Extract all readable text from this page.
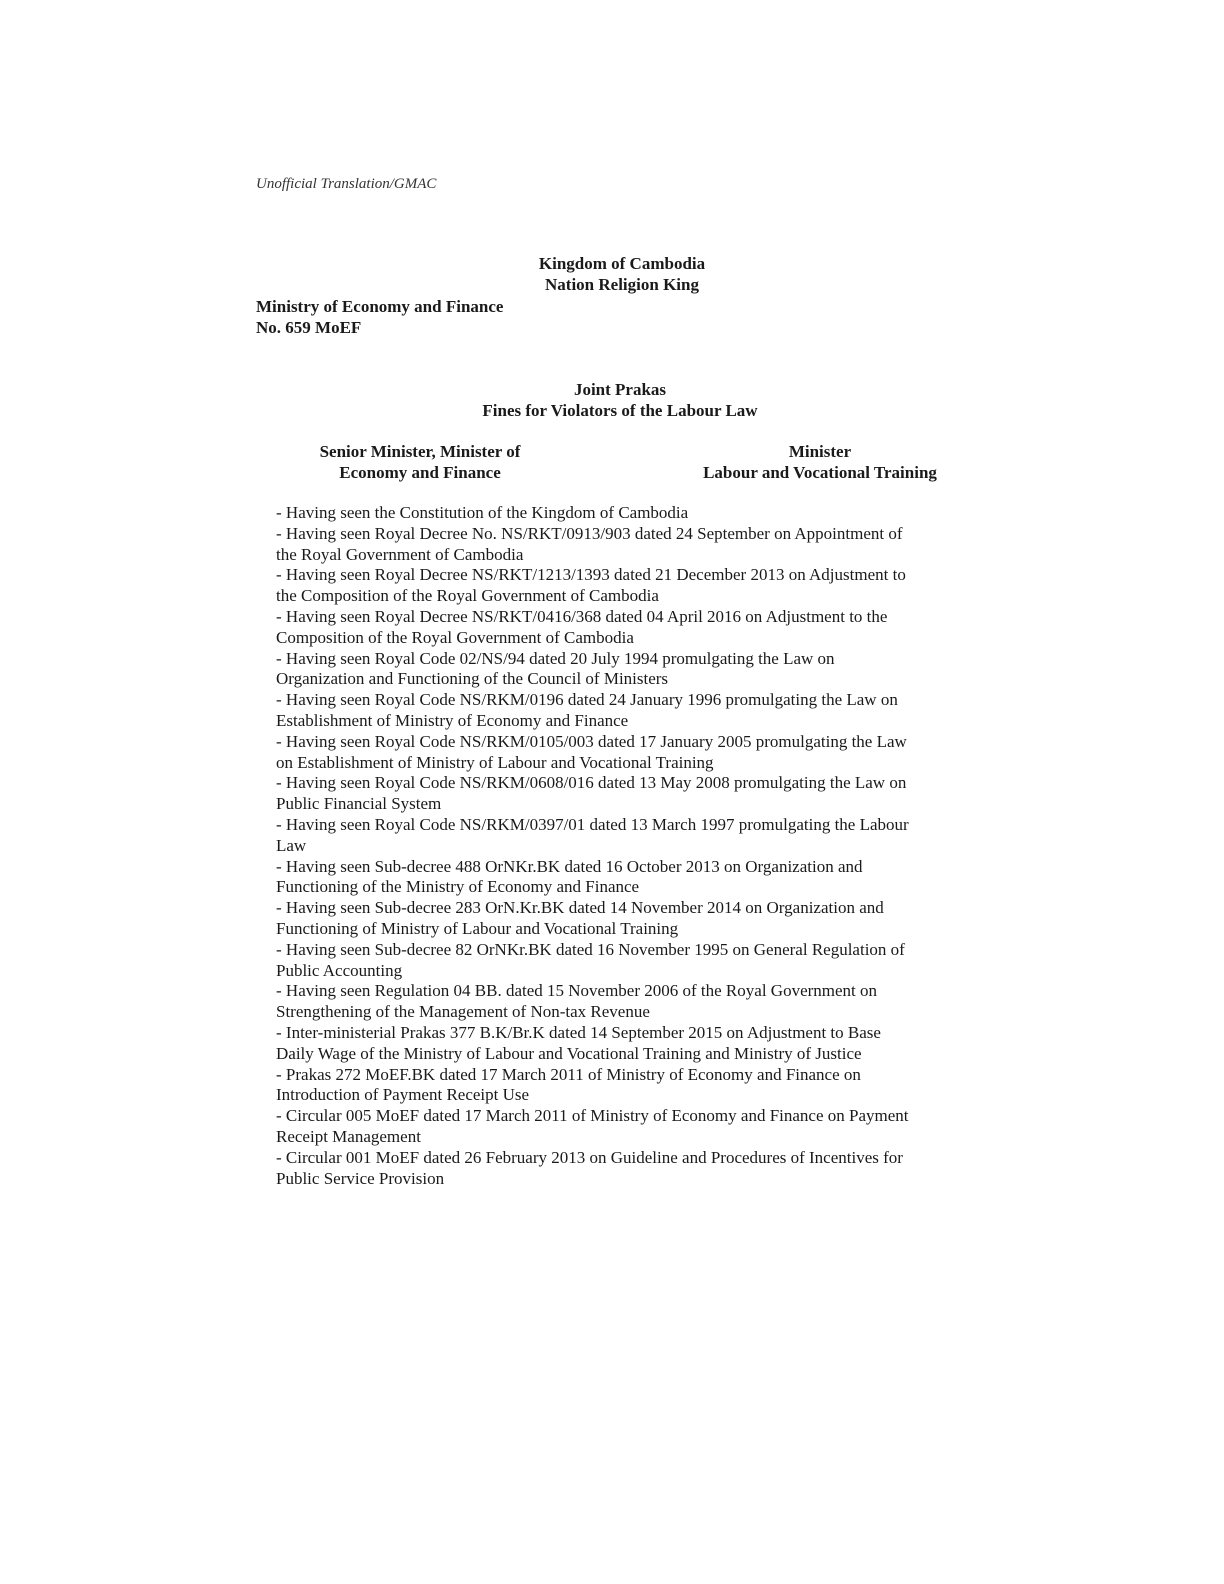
Unofficial Translation/GMAC
Kingdom of Cambodia
Nation Religion King
Ministry of Economy and Finance
No. 659 MoEF
Joint Prakas
Fines for Violators of the Labour Law
Senior Minister, Minister of
Economy and Finance
Minister
Labour and Vocational Training
- Having seen the Constitution of the Kingdom of Cambodia
- Having seen Royal Decree No. NS/RKT/0913/903 dated 24 September on Appointment of
the Royal Government of Cambodia
- Having seen Royal Decree NS/RKT/1213/1393 dated 21 December 2013 on Adjustment to
the Composition of the Royal Government of Cambodia
- Having seen Royal Decree NS/RKT/0416/368 dated 04 April 2016 on Adjustment to the
Composition of the Royal Government of Cambodia
- Having seen Royal Code 02/NS/94 dated 20 July 1994 promulgating the Law on
Organization and Functioning of the Council of Ministers
- Having seen Royal Code NS/RKM/0196 dated 24 January 1996 promulgating the Law on
Establishment of Ministry of Economy and Finance
- Having seen Royal Code NS/RKM/0105/003 dated 17 January 2005 promulgating the Law
on Establishment of Ministry of Labour and Vocational Training
- Having seen Royal Code NS/RKM/0608/016 dated 13 May 2008 promulgating the Law on
Public Financial System
- Having seen Royal Code NS/RKM/0397/01 dated 13 March 1997 promulgating the Labour
Law
- Having seen Sub-decree 488 OrNKr.BK dated 16 October 2013 on Organization and
Functioning of the Ministry of Economy and Finance
- Having seen Sub-decree 283 OrN.Kr.BK dated 14 November 2014 on Organization and
Functioning of Ministry of Labour and Vocational Training
- Having seen Sub-decree 82 OrNKr.BK dated 16 November 1995 on General Regulation of
Public Accounting
- Having seen Regulation 04 BB. dated 15 November 2006 of the Royal Government on
Strengthening of the Management of Non-tax Revenue
- Inter-ministerial Prakas 377 B.K/Br.K dated 14 September 2015 on Adjustment to Base
Daily Wage of the Ministry of Labour and Vocational Training and Ministry of Justice
- Prakas 272 MoEF.BK dated 17 March 2011 of Ministry of Economy and Finance on
Introduction of Payment Receipt Use
- Circular 005 MoEF dated 17 March 2011 of Ministry of Economy and Finance on Payment
Receipt Management
- Circular 001 MoEF dated 26 February 2013 on Guideline and Procedures of Incentives for
Public Service Provision
